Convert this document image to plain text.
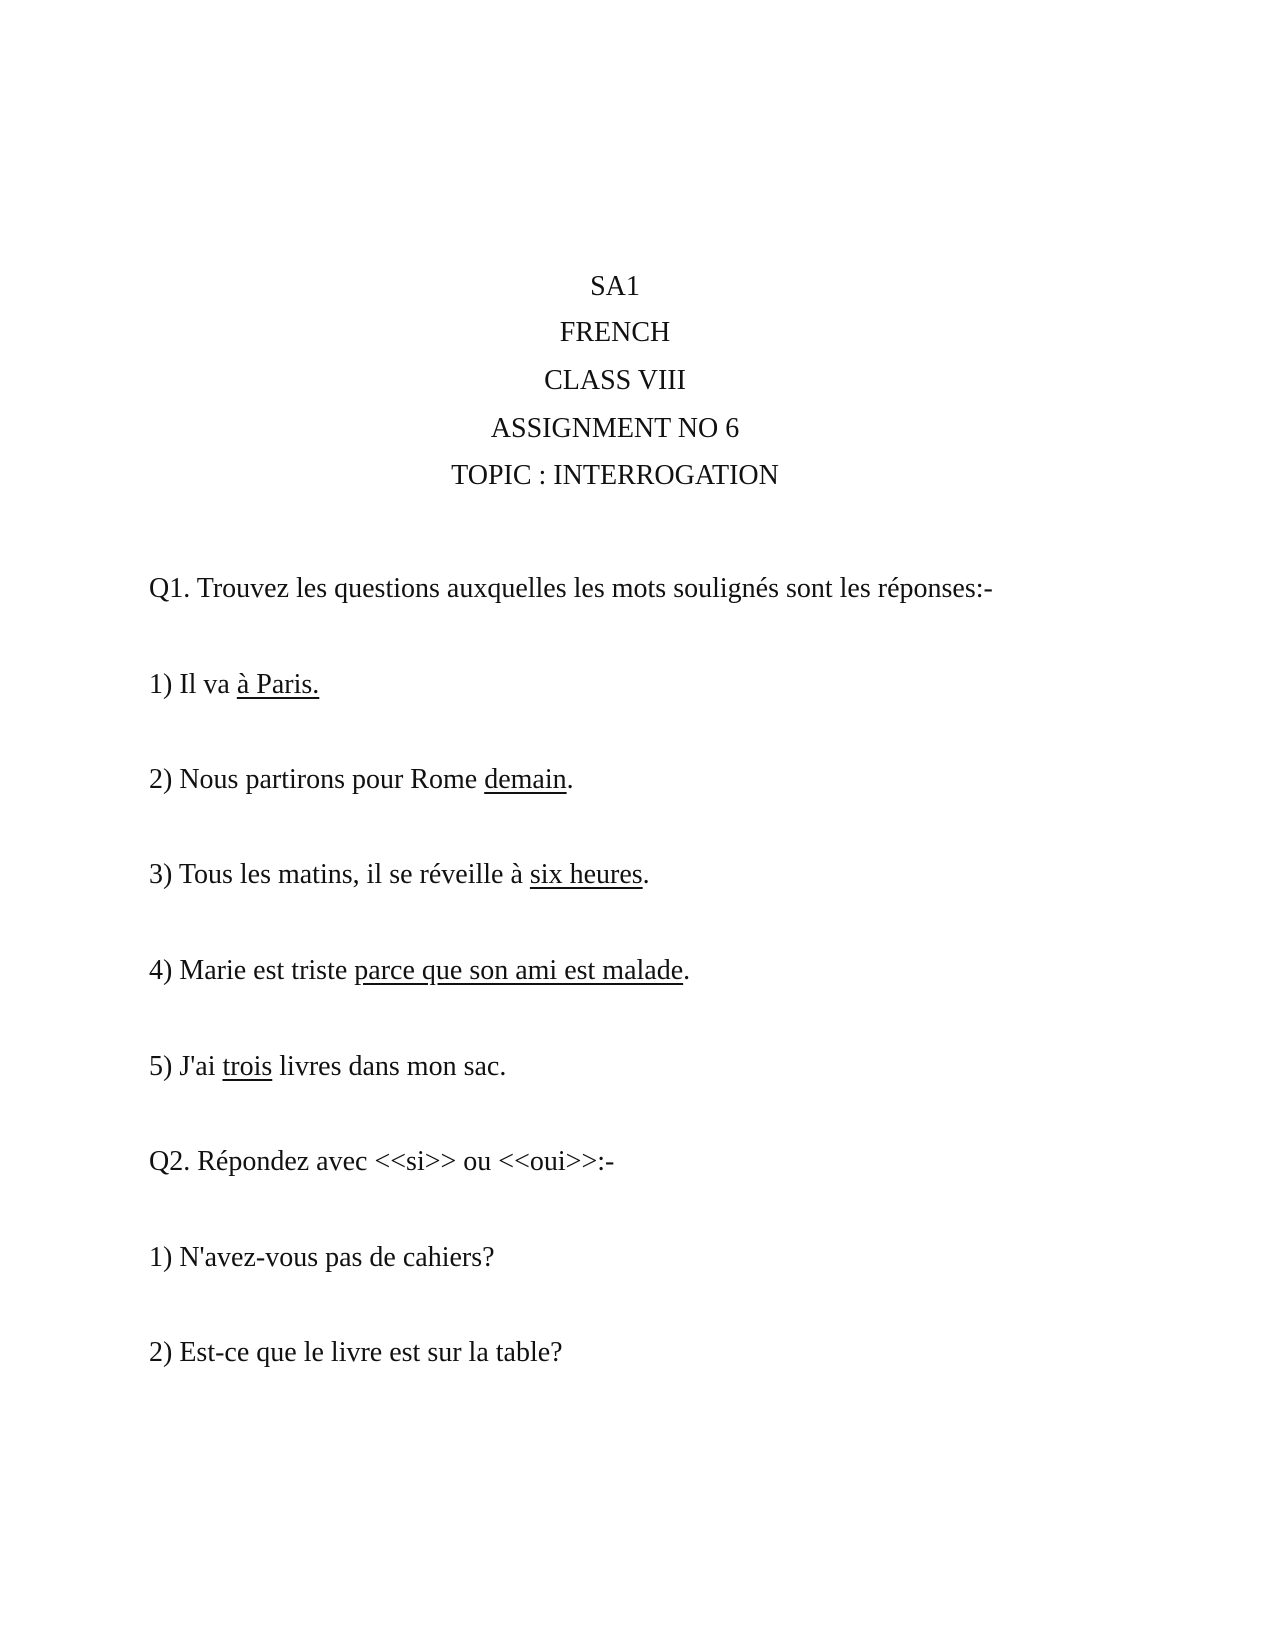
SA1
FRENCH
CLASS VIII
ASSIGNMENT NO 6
TOPIC : INTERROGATION
Q1. Trouvez les questions auxquelles les mots soulignés sont les réponses:-
1) Il va à Paris.
2) Nous partirons pour Rome demain.
3) Tous les matins, il se réveille à six heures.
4) Marie est triste parce que son ami est malade.
5) J'ai trois livres dans mon sac.
Q2. Répondez avec <<si>> ou <<oui>>:-
1) N'avez-vous pas de cahiers?
2) Est-ce que le livre est sur la table?
